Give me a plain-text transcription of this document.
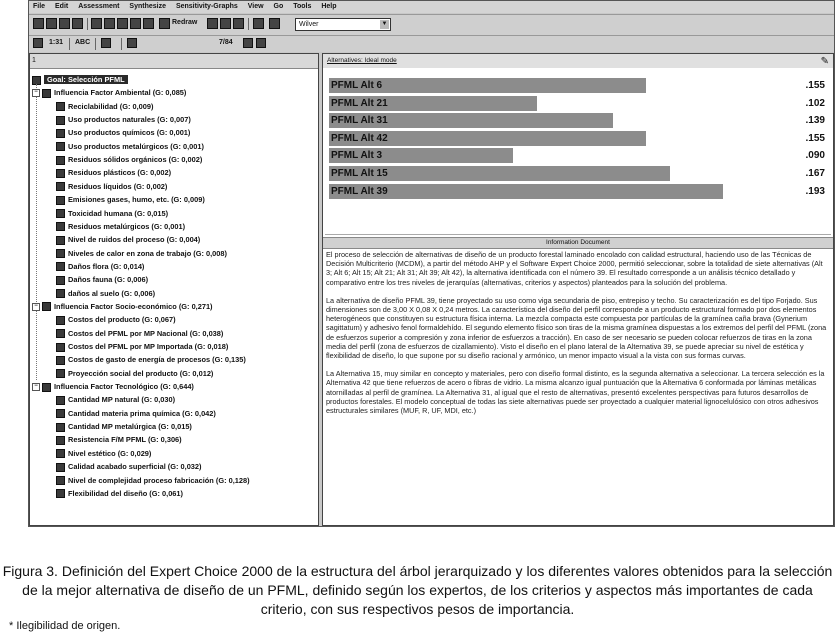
File Edit Assessment Synthesize Sensitivity-Graphs View Go Tools Help
Redraw	Wilver	▼
1:31 ABC	7/84
1
Goal: Selección PFML
− Influencia Factor Ambiental (G: 0,085)
Reciclabilidad (G: 0,009)
Uso productos naturales (G: 0,007)
Uso productos químicos (G: 0,001)
Uso productos metalúrgicos (G: 0,001)
Residuos sólidos orgánicos (G: 0,002)
Residuos plásticos (G: 0,002)
Residuos líquidos (G: 0,002)
Emisiones gases, humo, etc. (G: 0,009)
Toxicidad humana (G: 0,015)
Residuos metalúrgicos (G: 0,001)
Nivel de ruidos del proceso (G: 0,004)
Niveles de calor en zona de trabajo (G: 0,008)
Daños flora (G: 0,014)
Daños fauna (G: 0,006)
daños al suelo (G: 0,006)
− Influencia Factor Socio-económico (G: 0,271)
Costos del producto (G: 0,067)
Costos del PFML por MP Nacional (G: 0,038)
Costos del PFML por MP Importada (G: 0,018)
Costos de gasto de energía de procesos (G: 0,135)
Proyección social del producto (G: 0,012)
− Influencia Factor Tecnológico (G: 0,644)
Cantidad MP natural (G: 0,030)
Cantidad materia prima química (G: 0,042)
Cantidad MP metalúrgica (G: 0,015)
Resistencia F/M PFML (G: 0,306)
Nivel estético (G: 0,029)
Calidad acabado superficial (G: 0,032)
Nivel de complejidad proceso fabricación (G: 0,128)
Flexibilidad del diseño (G: 0,061)
Alternatives: Ideal mode	✎
PFML Alt 6	.155
PFML Alt 21	.102
PFML Alt 31	.139
PFML Alt 42	.155
PFML Alt 3	.090
PFML Alt 15	.167
PFML Alt 39	.193
Information Document

El proceso de selección de alternativas de diseño de un producto forestal laminado encolado con calidad estructural, haciendo uso de las Técnicas de Decisión Multicriterio (MCDM), a partir del método AHP y el Software Expert Choice 2000, permitió seleccionar, sobre la totalidad de siete alternativas (Alt 3; Alt 6; Alt 15; Alt 21; Alt 31; Alt 39; Alt 42), la alternativa identificada con el número 39. El resultado corresponde a un análisis técnico detallado y comparativo entre los tres niveles de jerarquías (alternativas, criterios y aspectos) planteados para la solución del problema.

La alternativa de diseño PFML 39, tiene proyectado su uso como viga secundaria de piso, entrepiso y techo. Su caracterización es del tipo Forjado. Sus dimensiones son de 3,00 X 0,08 X 0,24 metros. La característica del diseño del perfil corresponde a un producto estructural formado por dos elementos heterogéneos que constituyen su estructura física interna. La mezcla compacta este compuesta por partículas de la gramínea caña brava (Gynerium sagittatum) y adhesivo fenol formaldehído. El segundo elemento físico son tiras de la misma gramínea dispuestas a los extremos del perfil del PFML (zona de esfuerzos superior a compresión y zona inferior de esfuerzos a tracción). En caso de ser necesario se pueden colocar refuerzos de tiras en la zona media del perfil (zona de esfuerzos de cizallamiento). Visto el diseño en el plano lateral de la Alternativa 39, se puede apreciar su nivel de estética y flexibilidad de diseño, lo que supone por su diseño racional y armónico, un menor impacto visual a la vista con sus formas curvas.

La Alternativa 15, muy similar en concepto y materiales, pero con diseño formal distinto, es la segunda alternativa a seleccionar. La tercera selección es la Alternativa 42 que tiene refuerzos de acero o fibras de vidrio. La misma alcanzo igual puntuación que la Alternativa 6 conformada por láminas metálicas atornilladas al perfil de gramínea. La Alternativa 31, al igual que el resto de alternativas, presentó excelentes perspectivas para futuros desarrollos de productos forestales. El modelo conceptual de todas las siete alternativas puede ser proyectado a cualquier material lignocelulósico con otros adhesivos estructurales similares (MUF, R, UF, MDI, etc.)

Figura 3. Definición del Expert Choice 2000 de la estructura del árbol jerarquizado y los diferentes valores obtenidos para la selección de la mejor alternativa de diseño de un PFML, definido según los expertos, de los criterios y aspectos más importantes de cada criterio, con sus respectivos pesos de importancia.
* Ilegibilidad de origen.
